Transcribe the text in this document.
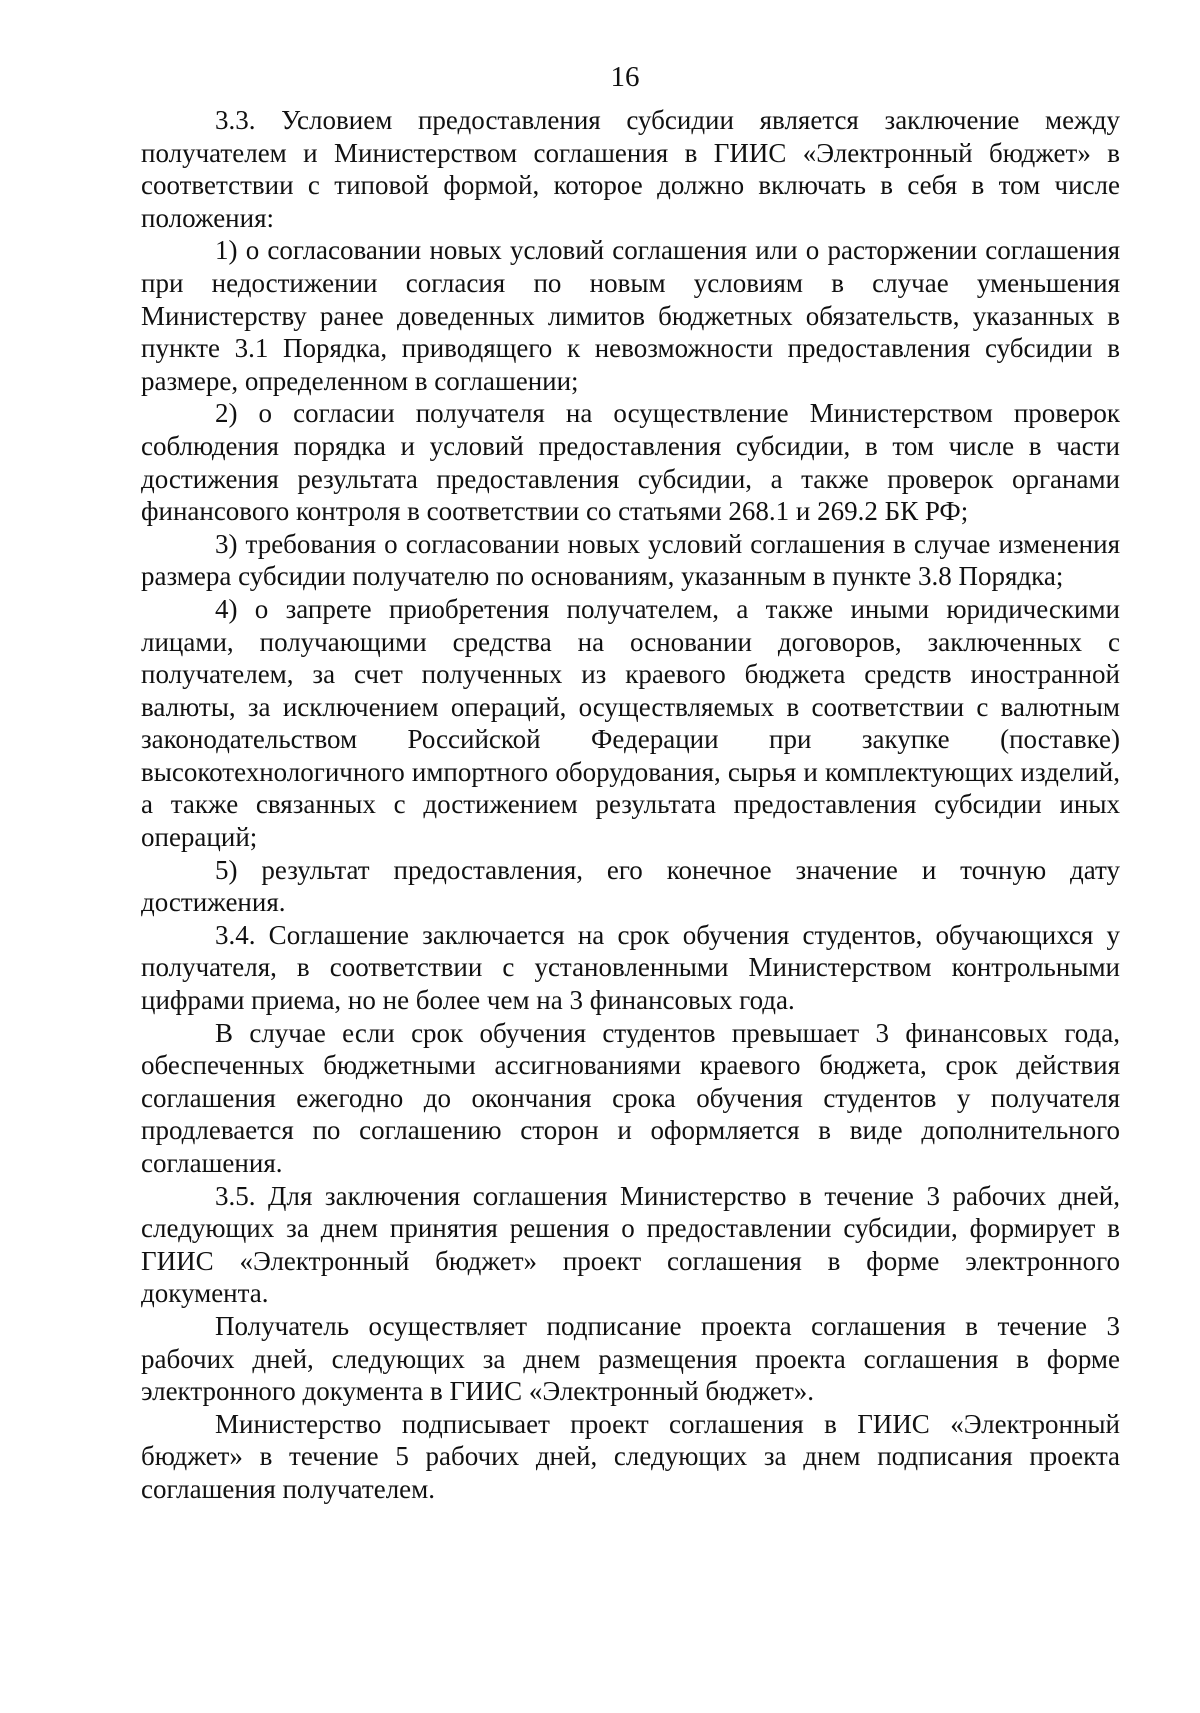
16

3.3. Условием предоставления субсидии является заключение между получателем и Министерством соглашения в ГИИС «Электронный бюджет» в соответствии с типовой формой, которое должно включать в себя в том числе положения:

1) о согласовании новых условий соглашения или о расторжении соглашения при недостижении согласия по новым условиям в случае уменьшения Министерству ранее доведенных лимитов бюджетных обязательств, указанных в пункте 3.1 Порядка, приводящего к невозможности предоставления субсидии в размере, определенном в соглашении;

2) о согласии получателя на осуществление Министерством проверок соблюдения порядка и условий предоставления субсидии, в том числе в части достижения результата предоставления субсидии, а также проверок органами финансового контроля в соответствии со статьями 268.1 и 269.2 БК РФ;

3) требования о согласовании новых условий соглашения в случае изменения размера субсидии получателю по основаниям, указанным в пункте 3.8 Порядка;

4) о запрете приобретения получателем, а также иными юридическими лицами, получающими средства на основании договоров, заключенных с получателем, за счет полученных из краевого бюджета средств иностранной валюты, за исключением операций, осуществляемых в соответствии с валютным законодательством Российской Федерации при закупке (поставке) высокотехнологичного импортного оборудования, сырья и комплектующих изделий, а также связанных с достижением результата предоставления субсидии иных операций;

5) результат предоставления, его конечное значение и точную дату достижения.

3.4. Соглашение заключается на срок обучения студентов, обучающихся у получателя, в соответствии с установленными Министерством контрольными цифрами приема, но не более чем на 3 финансовых года.

В случае если срок обучения студентов превышает 3 финансовых года, обеспеченных бюджетными ассигнованиями краевого бюджета, срок действия соглашения ежегодно до окончания срока обучения студентов у получателя продлевается по соглашению сторон и оформляется в виде дополнительного соглашения.

3.5. Для заключения соглашения Министерство в течение 3 рабочих дней, следующих за днем принятия решения о предоставлении субсидии, формирует в ГИИС «Электронный бюджет» проект соглашения в форме электронного документа.

Получатель осуществляет подписание проекта соглашения в течение 3 рабочих дней, следующих за днем размещения проекта соглашения в форме электронного документа в ГИИС «Электронный бюджет».

Министерство подписывает проект соглашения в ГИИС «Электронный бюджет» в течение 5 рабочих дней, следующих за днем подписания проекта соглашения получателем.
